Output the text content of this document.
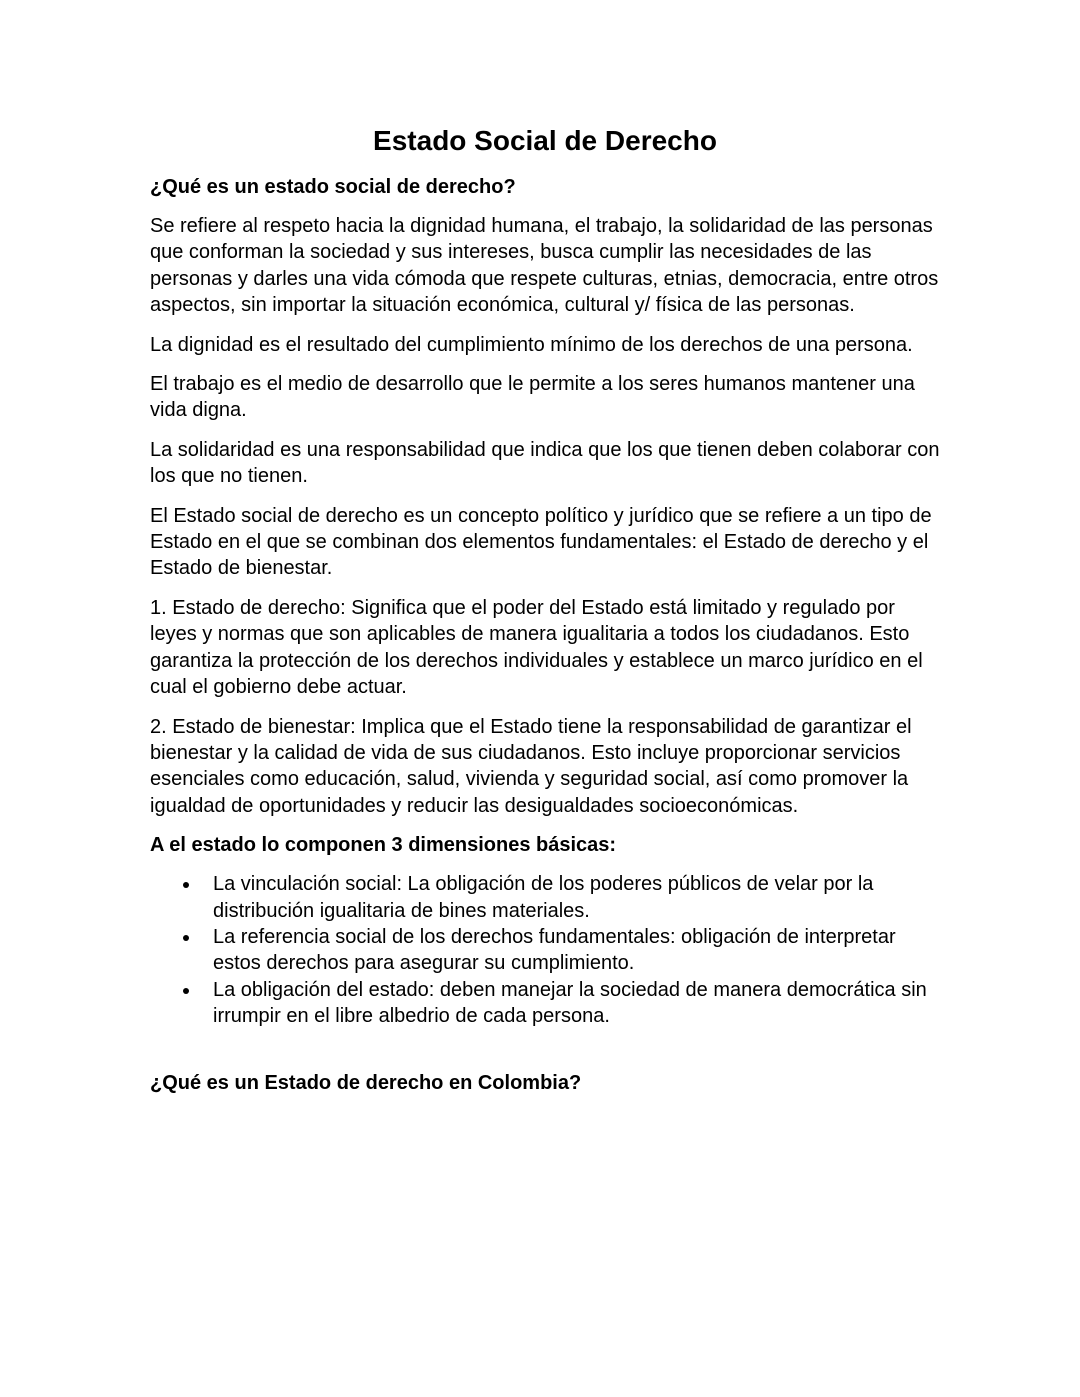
Estado Social de Derecho
¿Qué es un estado social de derecho?

Se refiere al respeto hacia la dignidad humana, el trabajo, la solidaridad de las personas que conforman la sociedad y sus intereses, busca cumplir las necesidades de las personas y darles una vida cómoda que respete culturas, etnias, democracia, entre otros aspectos, sin importar la situación económica, cultural y/ física de las personas.

La dignidad es el resultado del cumplimiento mínimo de los derechos de una persona.

El trabajo es el medio de desarrollo que le permite a los seres humanos mantener una vida digna.

La solidaridad es una responsabilidad que indica que los que tienen deben colaborar con los que no tienen.

El Estado social de derecho es un concepto político y jurídico que se refiere a un tipo de Estado en el que se combinan dos elementos fundamentales: el Estado de derecho y el Estado de bienestar.

1. Estado de derecho: Significa que el poder del Estado está limitado y regulado por leyes y normas que son aplicables de manera igualitaria a todos los ciudadanos. Esto garantiza la protección de los derechos individuales y establece un marco jurídico en el cual el gobierno debe actuar.

2. Estado de bienestar: Implica que el Estado tiene la responsabilidad de garantizar el bienestar y la calidad de vida de sus ciudadanos. Esto incluye proporcionar servicios esenciales como educación, salud, vivienda y seguridad social, así como promover la igualdad de oportunidades y reducir las desigualdades socioeconómicas.

A el estado lo componen 3 dimensiones básicas:
La vinculación social: La obligación de los poderes públicos de velar por la distribución igualitaria de bines materiales.
La referencia social de los derechos fundamentales: obligación de interpretar estos derechos para asegurar su cumplimiento.
La obligación del estado: deben manejar la sociedad de manera democrática sin irrumpir en el libre albedrio de cada persona.
¿Qué es un Estado de derecho en Colombia?
